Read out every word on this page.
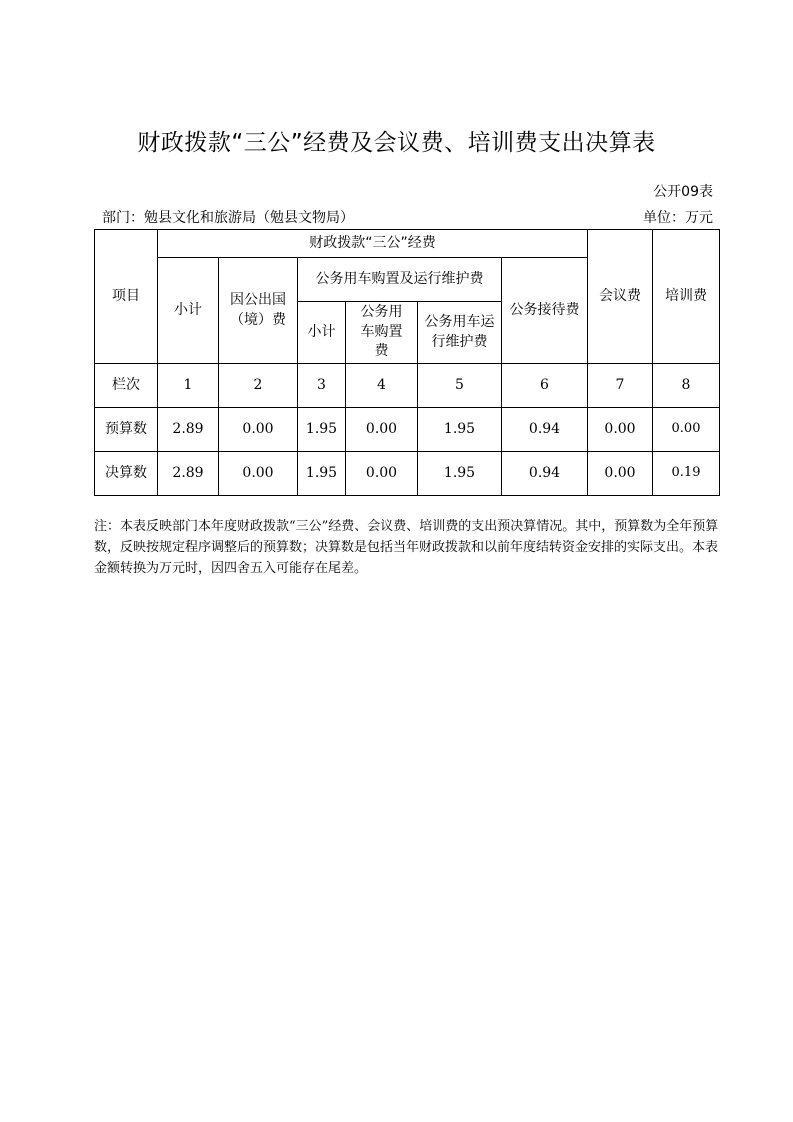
财政拨款“三公”经费及会议费、培训费支出决算表
公开09表
部门：勉县文化和旅游局（勉县文物局）	单位：万元
项目	财政拨款“三公”经费						会议费	培训费
	小计	因公出国（境）费	公务用车购置及运行维护费			公务接待费		
			小计	公务用车购置费	公务用车运行维护费			
栏次	1	2	3	4	5	6	7	8
预算数	2.89	0.00	1.95	0.00	1.95	0.94	0.00	0.00
决算数	2.89	0.00	1.95	0.00	1.95	0.94	0.00	0.19
注：本表反映部门本年度财政拨款“三公”经费、会议费、培训费的支出预决算情况。其中，预算数为全年预算数，反映按规定程序调整后的预算数；决算数是包括当年财政拨款和以前年度结转资金安排的实际支出。本表金额转换为万元时，因四舍五入可能存在尾差。
